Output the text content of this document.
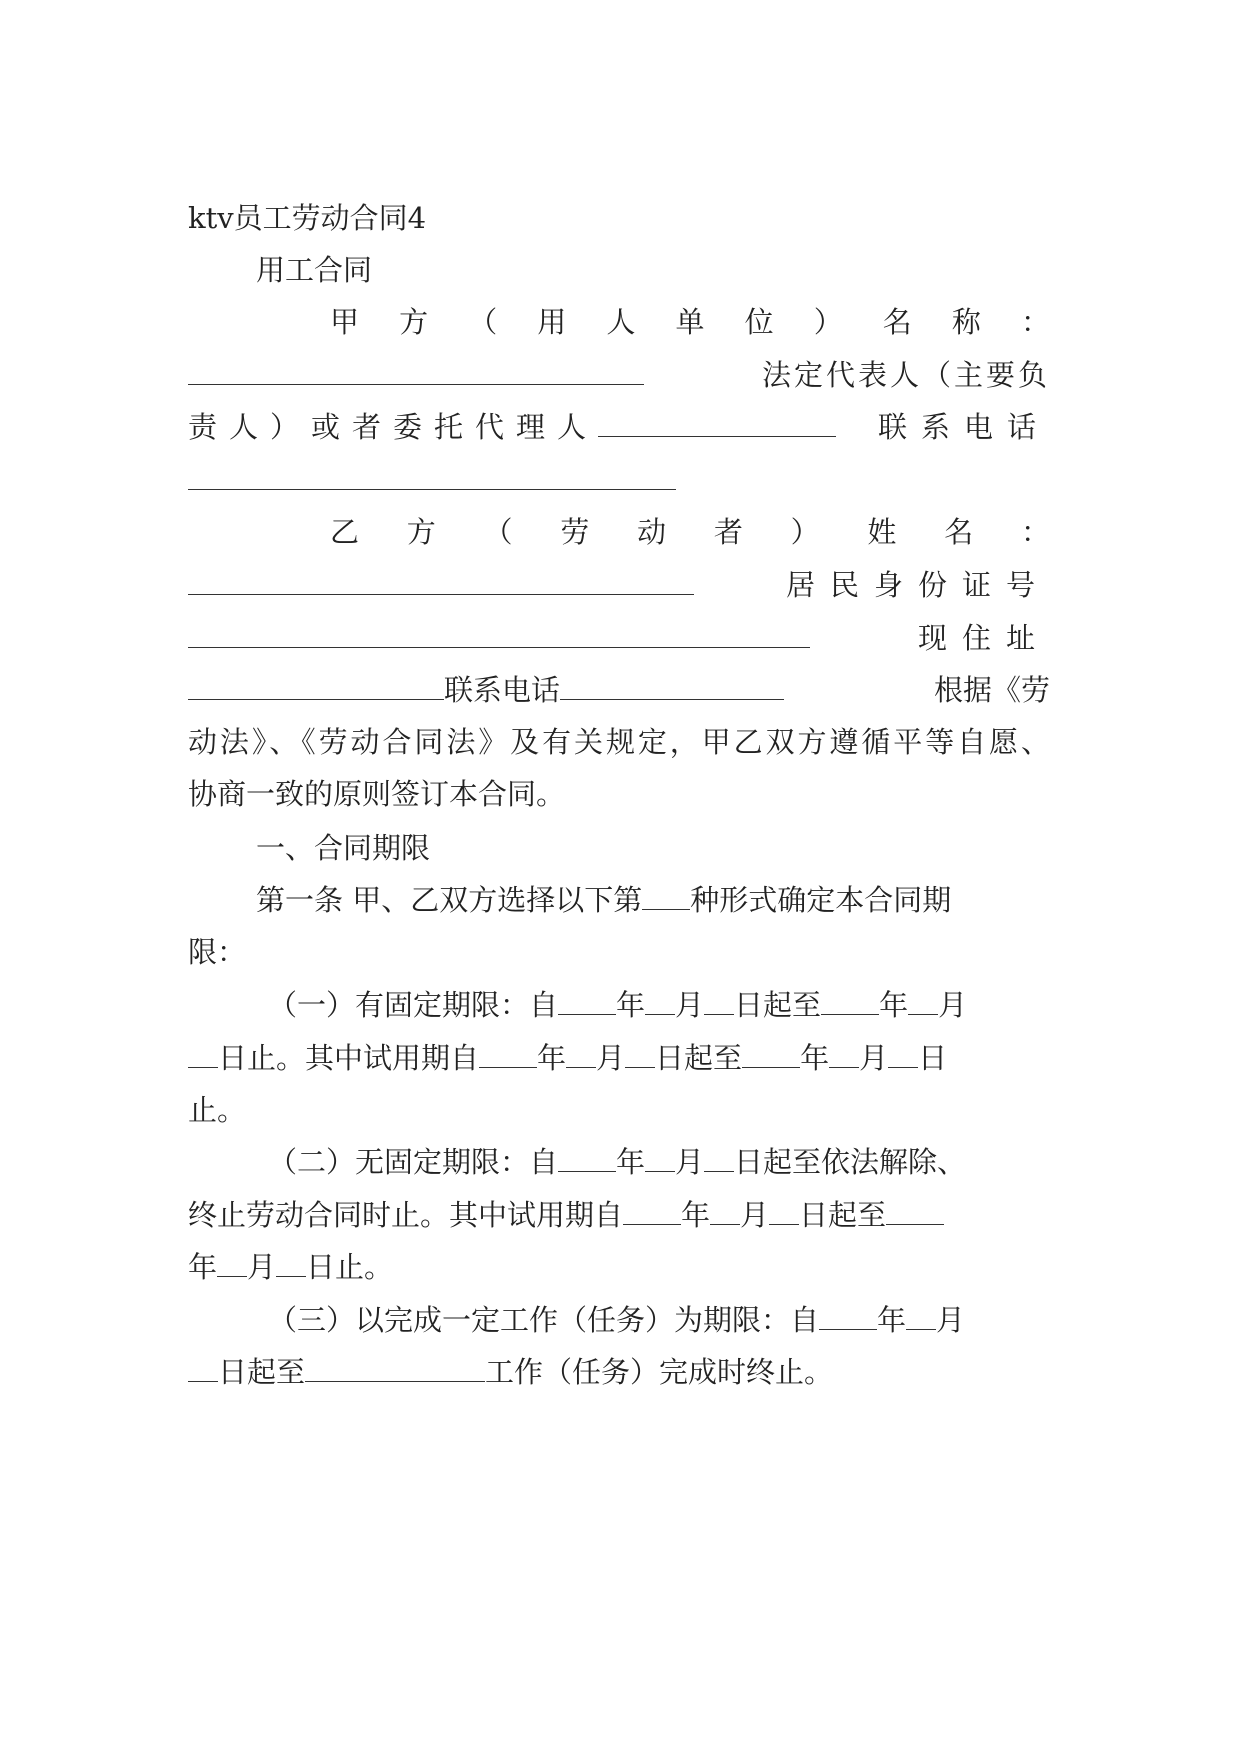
ktv员工劳动合同4
用工合同
甲方（用人单位）名称：
法定代表人（主要负
责人）或者委托代理人	联系电话
乙方（劳动者）姓名：
居民身份证号
现住址
联系电话	根据《劳
动法》、《劳动合同法》及有关规定，甲乙双方遵循平等自愿、
协商一致的原则签订本合同。
一、合同期限
第一条 甲、乙双方选择以下第 种形式确定本合同期
限：
（一）有固定期限：自 年 月 日起至 年 月
日止。其中试用期自 年 月 日起至 年 月 日
止。
（二）无固定期限：自 年 月 日起至依法解除、
终止劳动合同时止。其中试用期自 年 月 日起至
年 月 日止。
（三）以完成一定工作（任务）为期限：自 年 月
日起至	工作（任务）完成时终止。
